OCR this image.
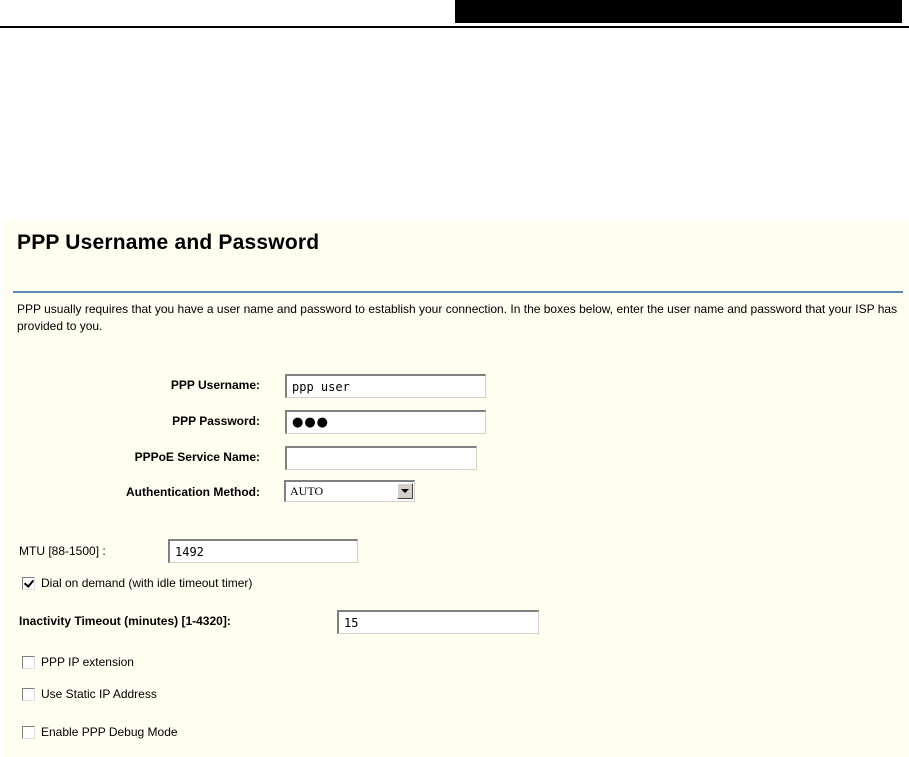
PPP Username and Password
PPP usually requires that you have a user name and password to establish your connection. In the boxes below, enter the user name and password that your ISP has provided to you.
PPP Username:	ppp user
PPP Password:	●●●
PPPoE Service Name:
Authentication Method:	AUTO
MTU [88-1500] :	1492
Dial on demand (with idle timeout timer)
Inactivity Timeout (minutes) [1-4320]:	15
PPP IP extension
Use Static IP Address
Enable PPP Debug Mode
